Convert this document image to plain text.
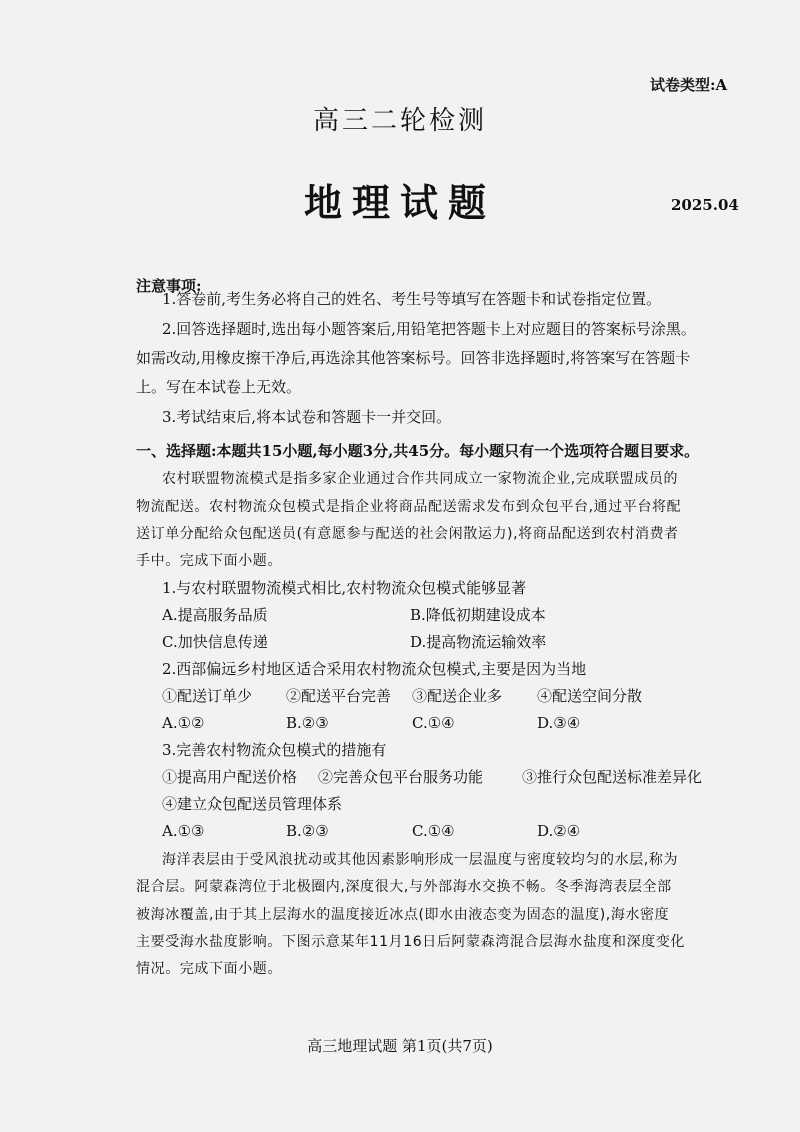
试卷类型:A
高三二轮检测
地理试题	2025.04
注意事项:
1.答卷前,考生务必将自己的姓名、考生号等填写在答题卡和试卷指定位置。
2.回答选择题时,选出每小题答案后,用铅笔把答题卡上对应题目的答案标号涂黑。
如需改动,用橡皮擦干净后,再选涂其他答案标号。回答非选择题时,将答案写在答题卡
上。写在本试卷上无效。
3.考试结束后,将本试卷和答题卡一并交回。
一、选择题:本题共15小题,每小题3分,共45分。每小题只有一个选项符合题目要求。
农村联盟物流模式是指多家企业通过合作共同成立一家物流企业,完成联盟成员的
物流配送。农村物流众包模式是指企业将商品配送需求发布到众包平台,通过平台将配
送订单分配给众包配送员(有意愿参与配送的社会闲散运力),将商品配送到农村消费者
手中。完成下面小题。
1.与农村联盟物流模式相比,农村物流众包模式能够显著
A.提高服务品质	B.降低初期建设成本
C.加快信息传递	D.提高物流运输效率
2.西部偏远乡村地区适合采用农村物流众包模式,主要是因为当地
①配送订单少 ②配送平台完善 ③配送企业多 ④配送空间分散
A.①②	B.②③	C.①④	D.③④
3.完善农村物流众包模式的措施有
①提高用户配送价格 ②完善众包平台服务功能	③推行众包配送标准差异化
④建立众包配送员管理体系
A.①③	B.②③	C.①④	D.②④
海洋表层由于受风浪扰动或其他因素影响形成一层温度与密度较均匀的水层,称为
混合层。阿蒙森湾位于北极圈内,深度很大,与外部海水交换不畅。冬季海湾表层全部
被海冰覆盖,由于其上层海水的温度接近冰点(即水由液态变为固态的温度),海水密度
主要受海水盐度影响。下图示意某年11月16日后阿蒙森湾混合层海水盐度和深度变化
情况。完成下面小题。
高三地理试题 第1页(共7页)
